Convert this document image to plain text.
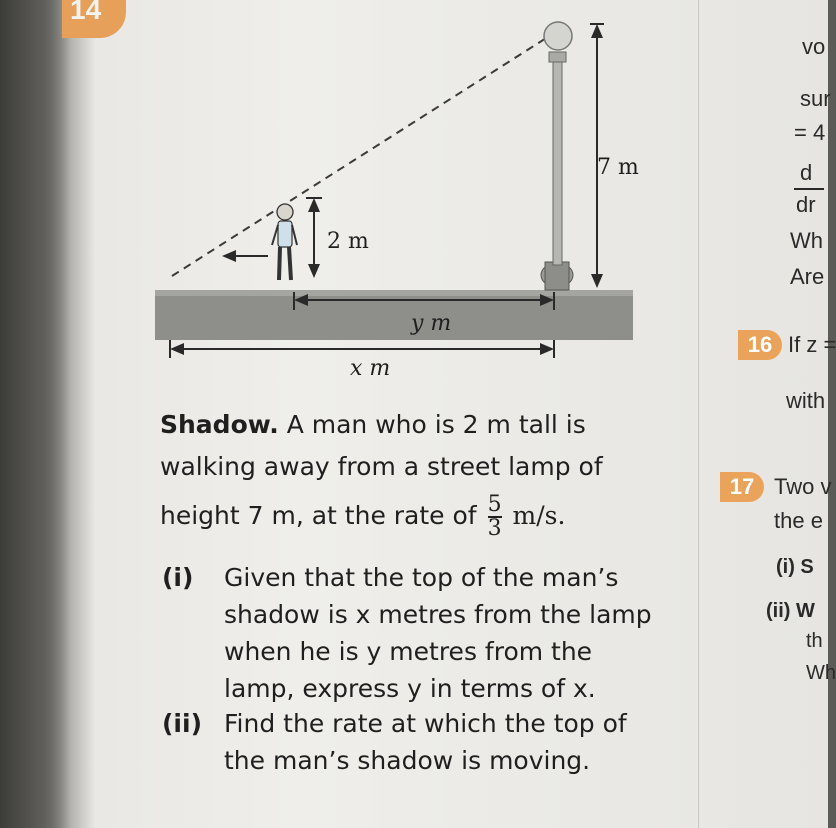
14
7 m
2 m
y m
x m
Shadow. A man who is 2 m tall is
walking away from a street lamp of
height 7 m, at the rate of $\frac{5}{3} m/s$.
(i) Given that the top of the man’s
shadow is x metres from the lamp
when he is y metres from the
lamp, express y in terms of x.
(ii) Find the rate at which the top of
the man’s shadow is moving.
vo
sur
= 4
d
dr
Wh
Are
16 If z =
with
17 Two v
the e
(i) S
(ii) W
th
Wh
